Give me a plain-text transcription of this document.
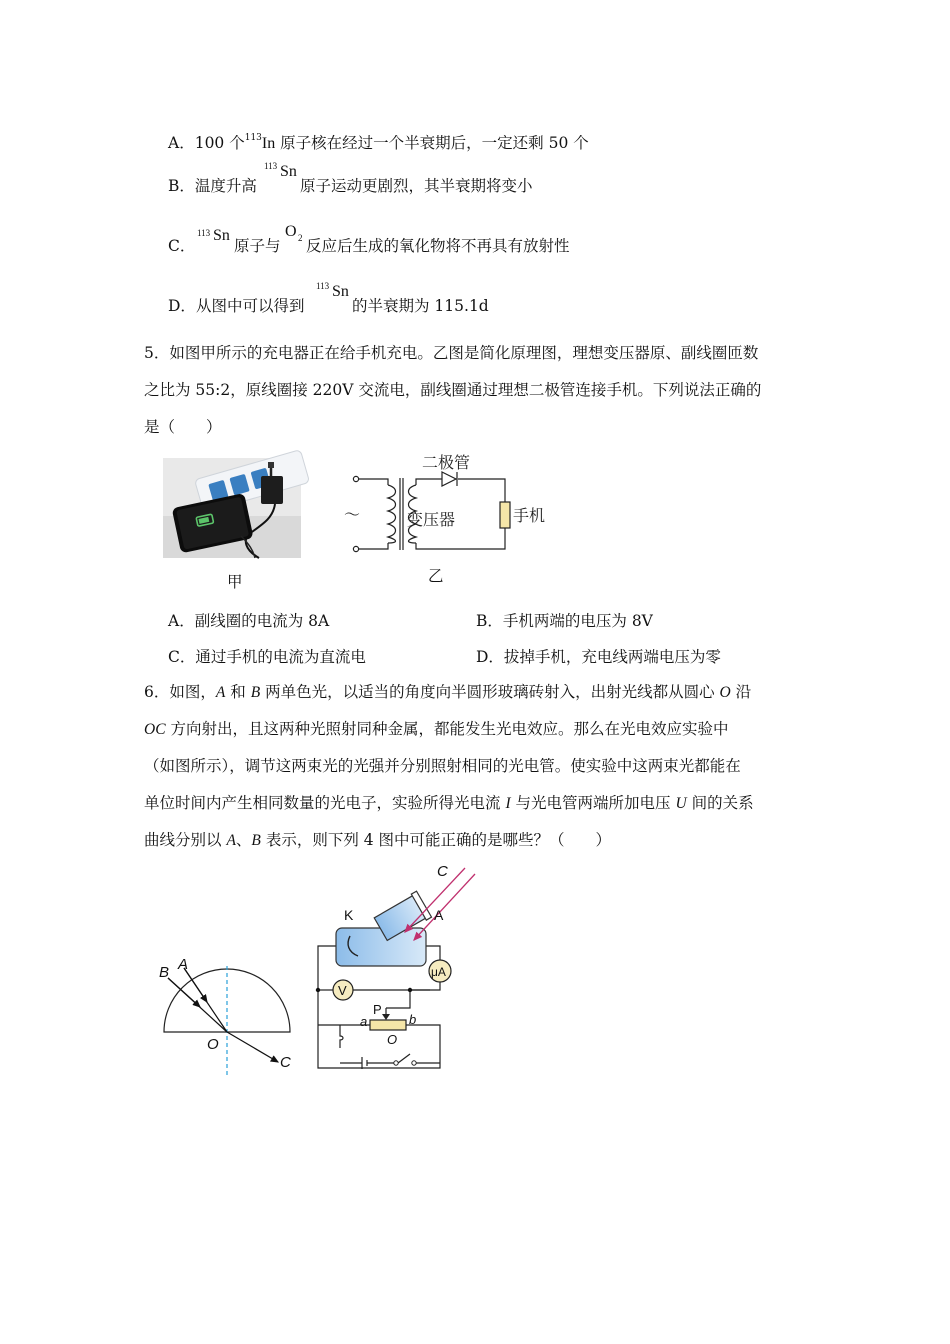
A．100 个$^{113}$In 原子核在经过一个半衰期后，一定还剩 50 个
B．温度升高
113 Sn
原子运动更剧烈，其半衰期将变小
C．
113 Sn
原子与
O 2 反应后生成的氧化物将不再具有放射性
D．从图中可以得到
113 Sn
的半衰期为 115.1d
5．如图甲所示的充电器正在给手机充电。乙图是简化原理图，理想变压器原、副线圈匝数
之比为 55:2，原线圈接 220V 交流电，副线圈通过理想二极管连接手机。下列说法正确的
是（　　）
甲
二极管
变压器	手机
～
乙
A．副线圈的电流为 8A	B．手机两端的电压为 8V
C．通过手机的电流为直流电	D．拔掉手机，充电线两端电压为零
6．如图，A 和 B 两单色光，以适当的角度向半圆形玻璃砖射入，出射光线都从圆心 O 沿
OC 方向射出，且这两种光照射同种金属，都能发生光电效应。那么在光电效应实验中
（如图所示），调节这两束光的光强并分别照射相同的光电管。使实验中这两束光都能在
单位时间内产生相同数量的光电子，实验所得光电流 I 与光电管两端所加电压 U 间的关系
曲线分别以 A、B 表示，则下列 4 图中可能正确的是哪些？（　　）
A
B
O
C
C
K	A
μA
V
P
a	b
O
